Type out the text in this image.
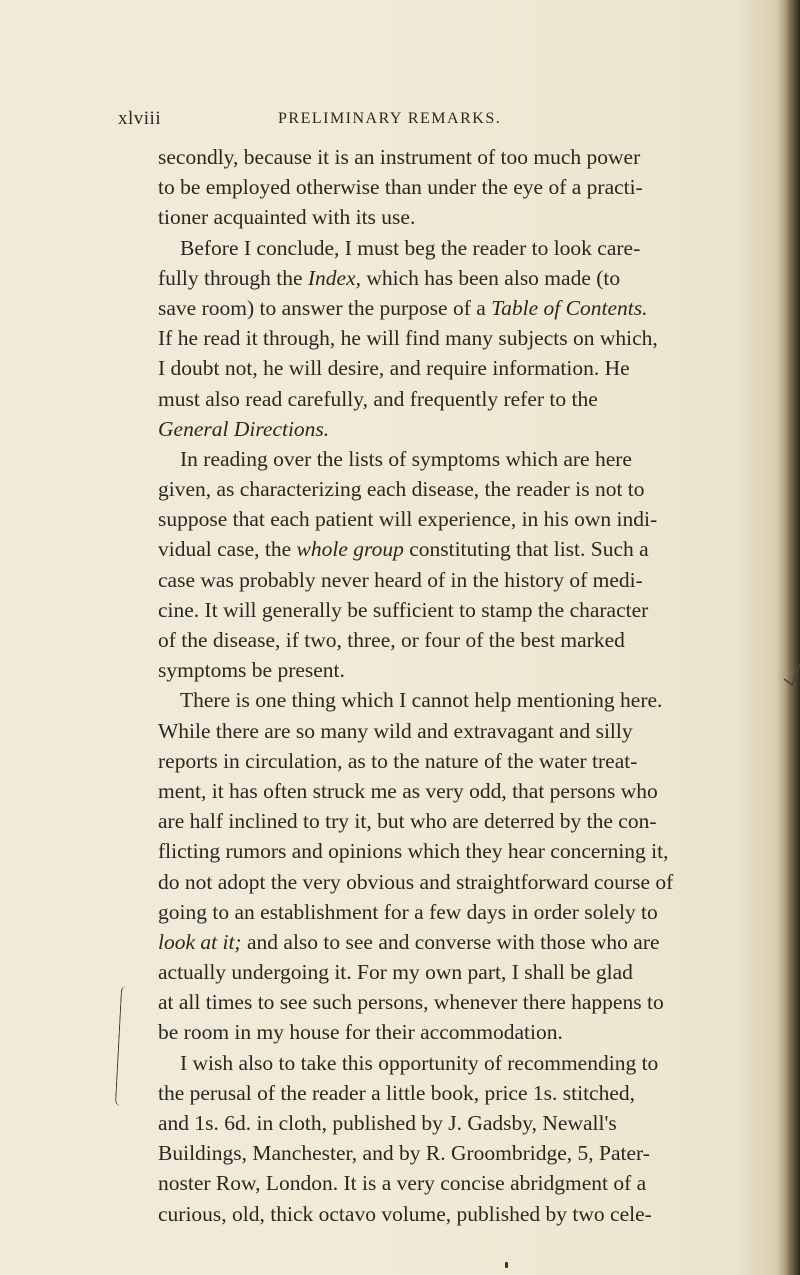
xlviii	PRELIMINARY REMARKS.
secondly, because it is an instrument of too much power
to be employed otherwise than under the eye of a practi-
tioner acquainted with its use.
Before I conclude, I must beg the reader to look care-
fully through the Index, which has been also made (to
save room) to answer the purpose of a Table of Contents.
If he read it through, he will find many subjects on which,
I doubt not, he will desire, and require information. He
must also read carefully, and frequently refer to the
General Directions.
In reading over the lists of symptoms which are here
given, as characterizing each disease, the reader is not to
suppose that each patient will experience, in his own indi-
vidual case, the whole group constituting that list. Such a
case was probably never heard of in the history of medi-
cine. It will generally be sufficient to stamp the character
of the disease, if two, three, or four of the best marked
symptoms be present.
There is one thing which I cannot help mentioning here.
While there are so many wild and extravagant and silly
reports in circulation, as to the nature of the water treat-
ment, it has often struck me as very odd, that persons who
are half inclined to try it, but who are deterred by the con-
flicting rumors and opinions which they hear concerning it,
do not adopt the very obvious and straightforward course of
going to an establishment for a few days in order solely to
look at it; and also to see and converse with those who are
actually undergoing it. For my own part, I shall be glad
at all times to see such persons, whenever there happens to
be room in my house for their accommodation.
I wish also to take this opportunity of recommending to
the perusal of the reader a little book, price 1s. stitched,
and 1s. 6d. in cloth, published by J. Gadsby, Newall's
Buildings, Manchester, and by R. Groombridge, 5, Pater-
noster Row, London. It is a very concise abridgment of a
curious, old, thick octavo volume, published by two cele-
